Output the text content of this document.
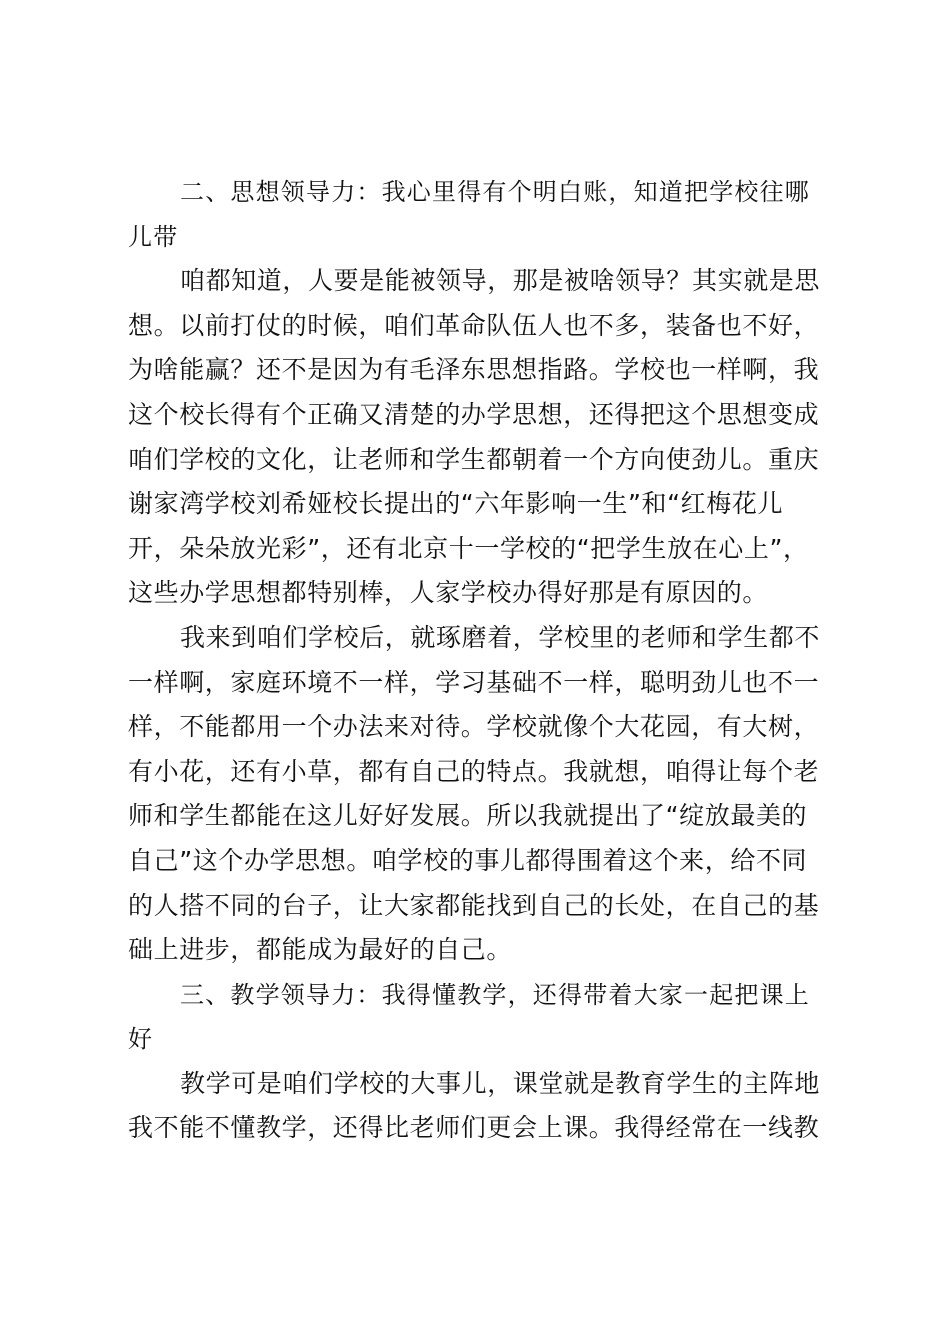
二、思想领导力：我心里得有个明白账，知道把学校往哪
儿带
咱都知道，人要是能被领导，那是被啥领导？其实就是思
想。以前打仗的时候，咱们革命队伍人也不多，装备也不好，
为啥能赢？还不是因为有毛泽东思想指路。学校也一样啊，我
这个校长得有个正确又清楚的办学思想，还得把这个思想变成
咱们学校的文化，让老师和学生都朝着一个方向使劲儿。重庆
谢家湾学校刘希娅校长提出的“六年影响一生”和“红梅花儿
开，朵朵放光彩”，还有北京十一学校的“把学生放在心上”，
这些办学思想都特别棒，人家学校办得好那是有原因的。
我来到咱们学校后，就琢磨着，学校里的老师和学生都不
一样啊，家庭环境不一样，学习基础不一样，聪明劲儿也不一
样，不能都用一个办法来对待。学校就像个大花园，有大树，
有小花，还有小草，都有自己的特点。我就想，咱得让每个老
师和学生都能在这儿好好发展。所以我就提出了“绽放最美的
自己”这个办学思想。咱学校的事儿都得围着这个来，给不同
的人搭不同的台子，让大家都能找到自己的长处，在自己的基
础上进步，都能成为最好的自己。
三、教学领导力：我得懂教学，还得带着大家一起把课上
好
教学可是咱们学校的大事儿，课堂就是教育学生的主阵地
我不能不懂教学，还得比老师们更会上课。我得经常在一线教
